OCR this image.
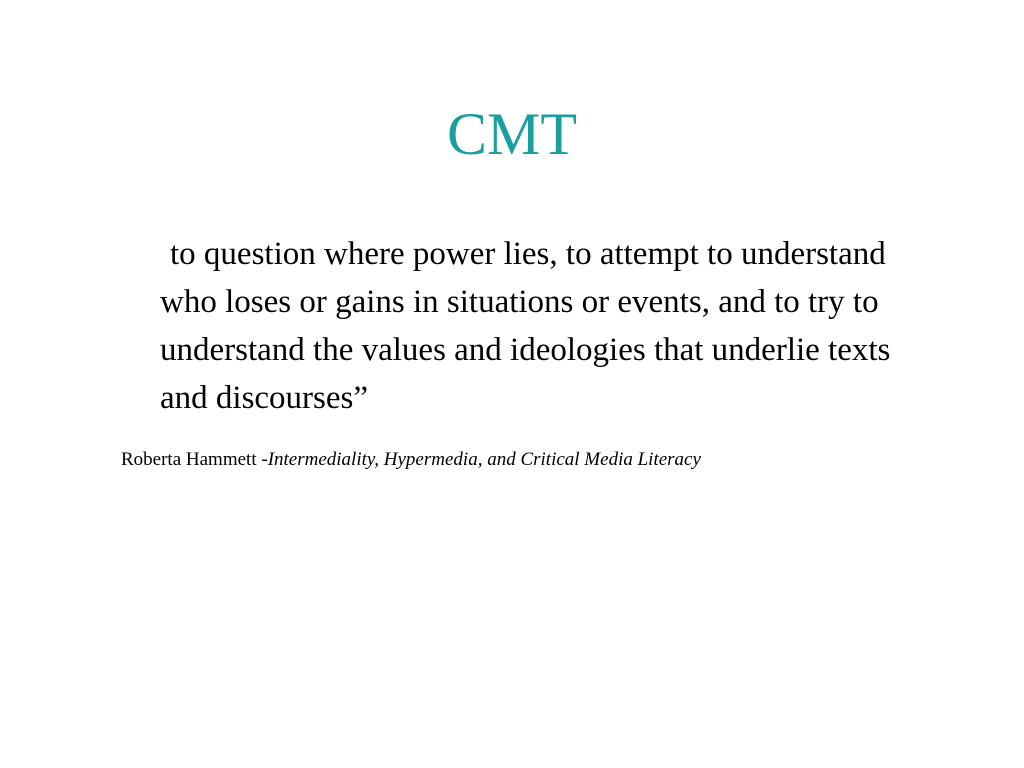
CMT

to question where power lies, to attempt to understand who loses or gains in situations or events, and to try to understand the values and ideologies that underlie texts and discourses”

Roberta Hammett -Intermediality, Hypermedia, and Critical Media Literacy
